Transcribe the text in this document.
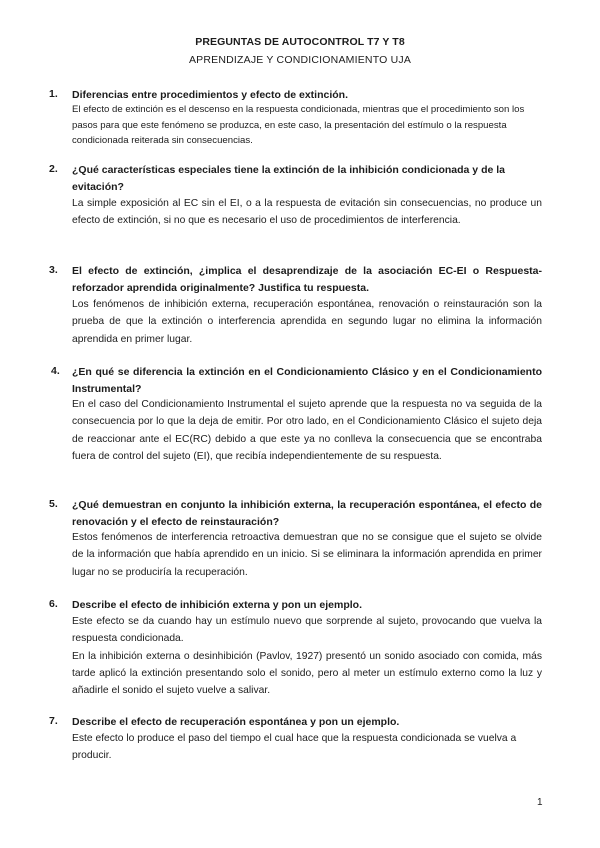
PREGUNTAS DE AUTOCONTROL T7 Y T8
APRENDIZAJE Y CONDICIONAMIENTO UJA
1. Diferencias entre procedimientos y efecto de extinción.

El efecto de extinción es el descenso en la respuesta condicionada, mientras que el procedimiento son los pasos para que este fenómeno se produzca, en este caso, la presentación del estímulo o la respuesta condicionada reiterada sin consecuencias.

2. ¿Qué características especiales tiene la extinción de la inhibición condicionada y de la evitación?

La simple exposición al EC sin el EI, o a la respuesta de evitación sin consecuencias, no produce un efecto de extinción, si no que es necesario el uso de procedimientos de interferencia.

3. El efecto de extinción, ¿implica el desaprendizaje de la asociación EC-EI o Respuesta-reforzador aprendida originalmente? Justifica tu respuesta.

Los fenómenos de inhibición externa, recuperación espontánea, renovación o reinstauración son la prueba de que la extinción o interferencia aprendida en segundo lugar no elimina la información aprendida en primer lugar.

4. ¿En qué se diferencia la extinción en el Condicionamiento Clásico y en el Condicionamiento Instrumental?

En el caso del Condicionamiento Instrumental el sujeto aprende que la respuesta no va seguida de la consecuencia por lo que la deja de emitir. Por otro lado, en el Condicionamiento Clásico el sujeto deja de reaccionar ante el EC(RC) debido a que este ya no conlleva la consecuencia que se encontraba fuera de control del sujeto (EI), que recibía independientemente de su respuesta.

5. ¿Qué demuestran en conjunto la inhibición externa, la recuperación espontánea, el efecto de renovación y el efecto de reinstauración?

Estos fenómenos de interferencia retroactiva demuestran que no se consigue que el sujeto se olvide de la información que había aprendido en un inicio. Si se eliminara la información aprendida en primer lugar no se produciría la recuperación.

6. Describe el efecto de inhibición externa y pon un ejemplo.

Este efecto se da cuando hay un estímulo nuevo que sorprende al sujeto, provocando que vuelva la respuesta condicionada.

En la inhibición externa o desinhibición (Pavlov, 1927) presentó un sonido asociado con comida, más tarde aplicó la extinción presentando solo el sonido, pero al meter un estímulo externo como la luz y añadirle el sonido el sujeto vuelve a salivar.

7. Describe el efecto de recuperación espontánea y pon un ejemplo.

Este efecto lo produce el paso del tiempo el cual hace que la respuesta condicionada se vuelva a producir.

1
